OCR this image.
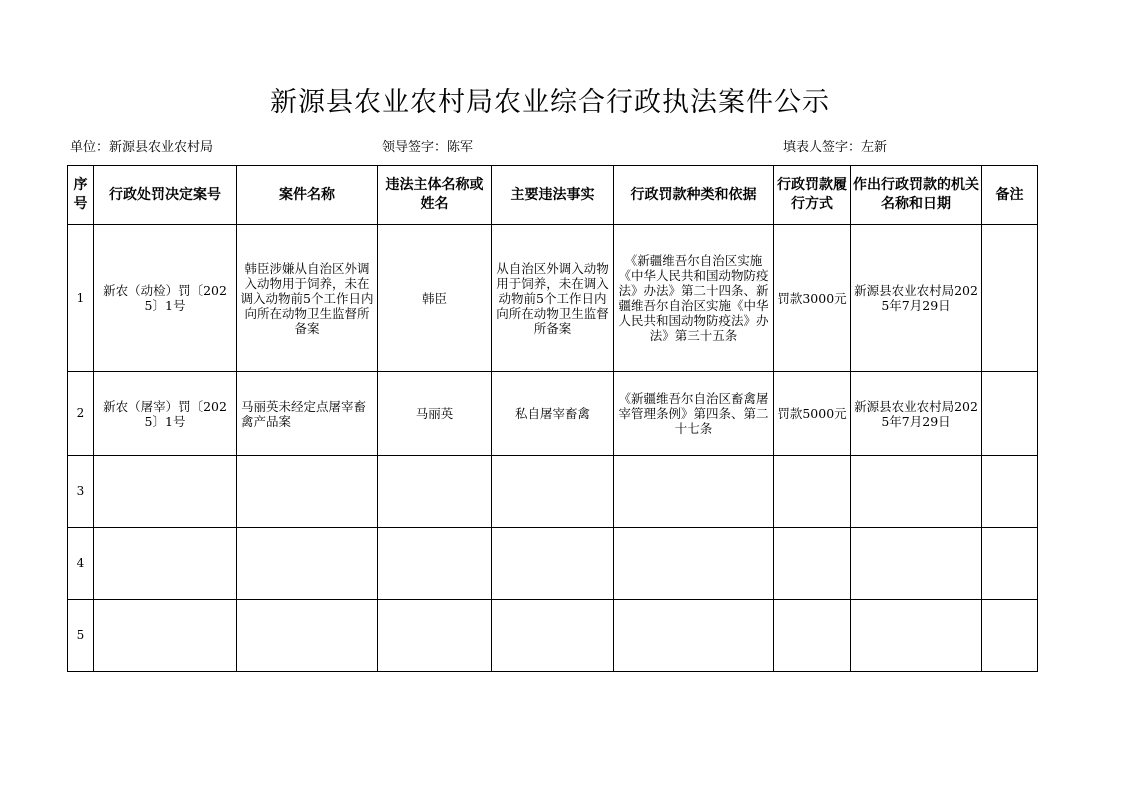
新源县农业农村局农业综合行政执法案件公示
单位：新源县农业农村局	领导签字：陈军	填表人签字：左新
序号	行政处罚决定案号	案件名称	违法主体名称或姓名	主要违法事实	行政罚款种类和依据	行政罚款履行方式	作出行政罚款的机关名称和日期	备注
1	新农（动检）罚〔2025〕1号	韩臣涉嫌从自治区外调入动物用于饲养，未在调入动物前5个工作日内向所在动物卫生监督所备案	韩臣	从自治区外调入动物用于饲养，未在调入动物前5个工作日内向所在动物卫生监督所备案	《新疆维吾尔自治区实施《中华人民共和国动物防疫法》办法》第二十四条、新疆维吾尔自治区实施《中华人民共和国动物防疫法》办法》第三十五条	罚款3000元	新源县农业农村局2025年7月29日	
2	新农（屠宰）罚〔2025〕1号	马丽英未经定点屠宰畜禽产品案	马丽英	私自屠宰畜禽	《新疆维吾尔自治区畜禽屠宰管理条例》第四条、第二十七条	罚款5000元	新源县农业农村局2025年7月29日	
3								
4								
5								
